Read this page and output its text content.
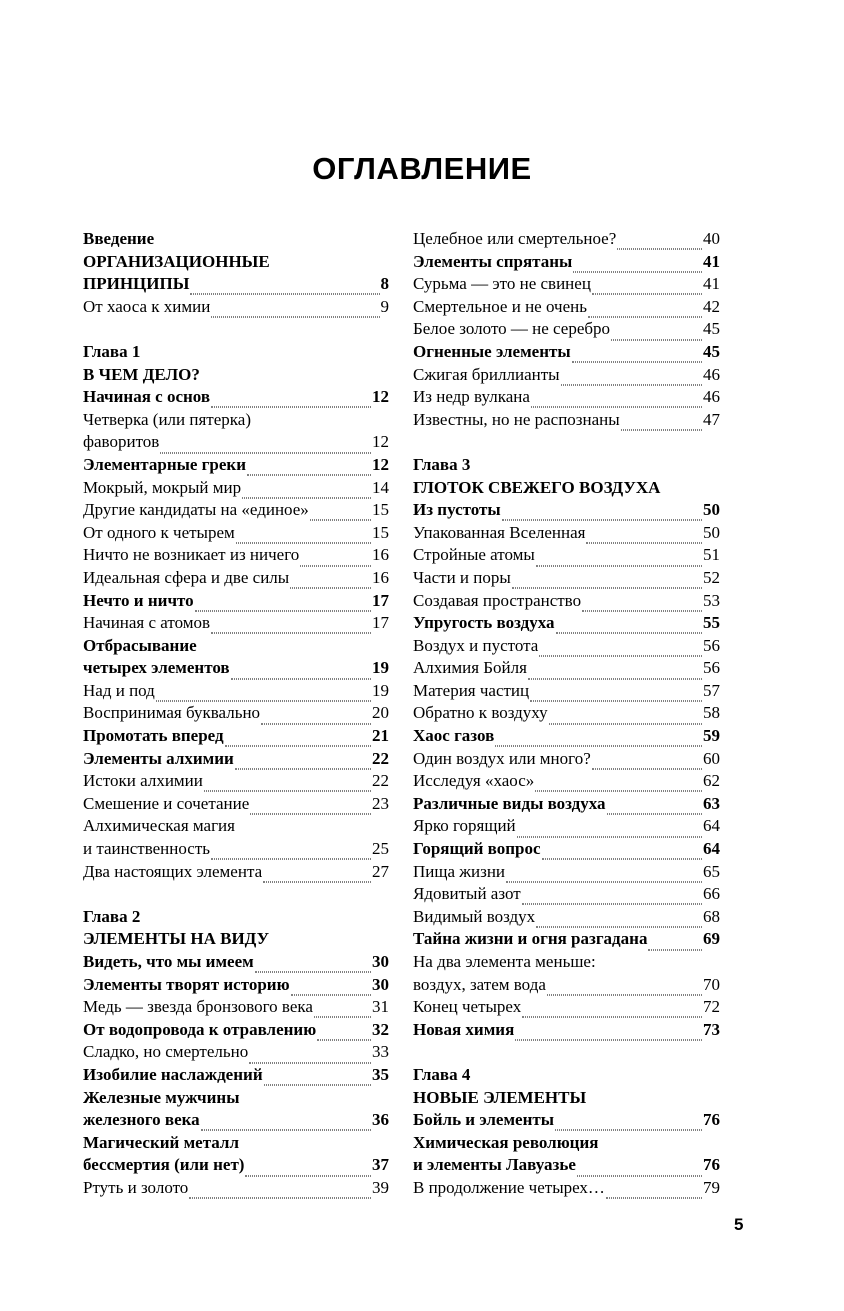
ОГЛАВЛЕНИЕ
Введение
ОРГАНИЗАЦИОННЫЕ
ПРИНЦИПЫ	8
От хаоса к химии	9
Глава 1
В ЧЕМ ДЕЛО?
Начиная с основ	12
Четверка (или пятерка)
фаворитов	12
Элементарные греки	12
Мокрый, мокрый мир	14
Другие кандидаты на «единое»	15
От одного к четырем	15
Ничто не возникает из ничего	16
Идеальная сфера и две силы	16
Нечто и ничто	17
Начиная с атомов	17
Отбрасывание
четырех элементов	19
Над и под	19
Воспринимая буквально	20
Промотать вперед	21
Элементы алхимии	22
Истоки алхимии	22
Смешение и сочетание	23
Алхимическая магия
и таинственность	25
Два настоящих элемента	27
Глава 2
ЭЛЕМЕНТЫ НА ВИДУ
Видеть, что мы имеем	30
Элементы творят историю	30
Медь — звезда бронзового века	31
От водопровода к отравлению	32
Сладко, но смертельно	33
Изобилие наслаждений	35
Железные мужчины
железного века	36
Магический металл
бессмертия (или нет)	37
Ртуть и золото	39
Целебное или смертельное?	40
Элементы спрятаны	41
Сурьма — это не свинец	41
Смертельное и не очень	42
Белое золото — не серебро	45
Огненные элементы	45
Сжигая бриллианты	46
Из недр вулкана	46
Известны, но не распознаны	47
Глава 3
ГЛОТОК СВЕЖЕГО ВОЗДУХА
Из пустоты	50
Упакованная Вселенная	50
Стройные атомы	51
Части и поры	52
Создавая пространство	53
Упругость воздуха	55
Воздух и пустота	56
Алхимия Бойля	56
Материя частиц	57
Обратно к воздуху	58
Хаос газов	59
Один воздух или много?	60
Исследуя «хаос»	62
Различные виды воздуха	63
Ярко горящий	64
Горящий вопрос	64
Пища жизни	65
Ядовитый азот	66
Видимый воздух	68
Тайна жизни и огня разгадана	69
На два элемента меньше:
воздух, затем вода	70
Конец четырех	72
Новая химия	73
Глава 4
НОВЫЕ ЭЛЕМЕНТЫ
Бойль и элементы	76
Химическая революция
и элементы Лавуазье	76
В продолжение четырех…	79
5
